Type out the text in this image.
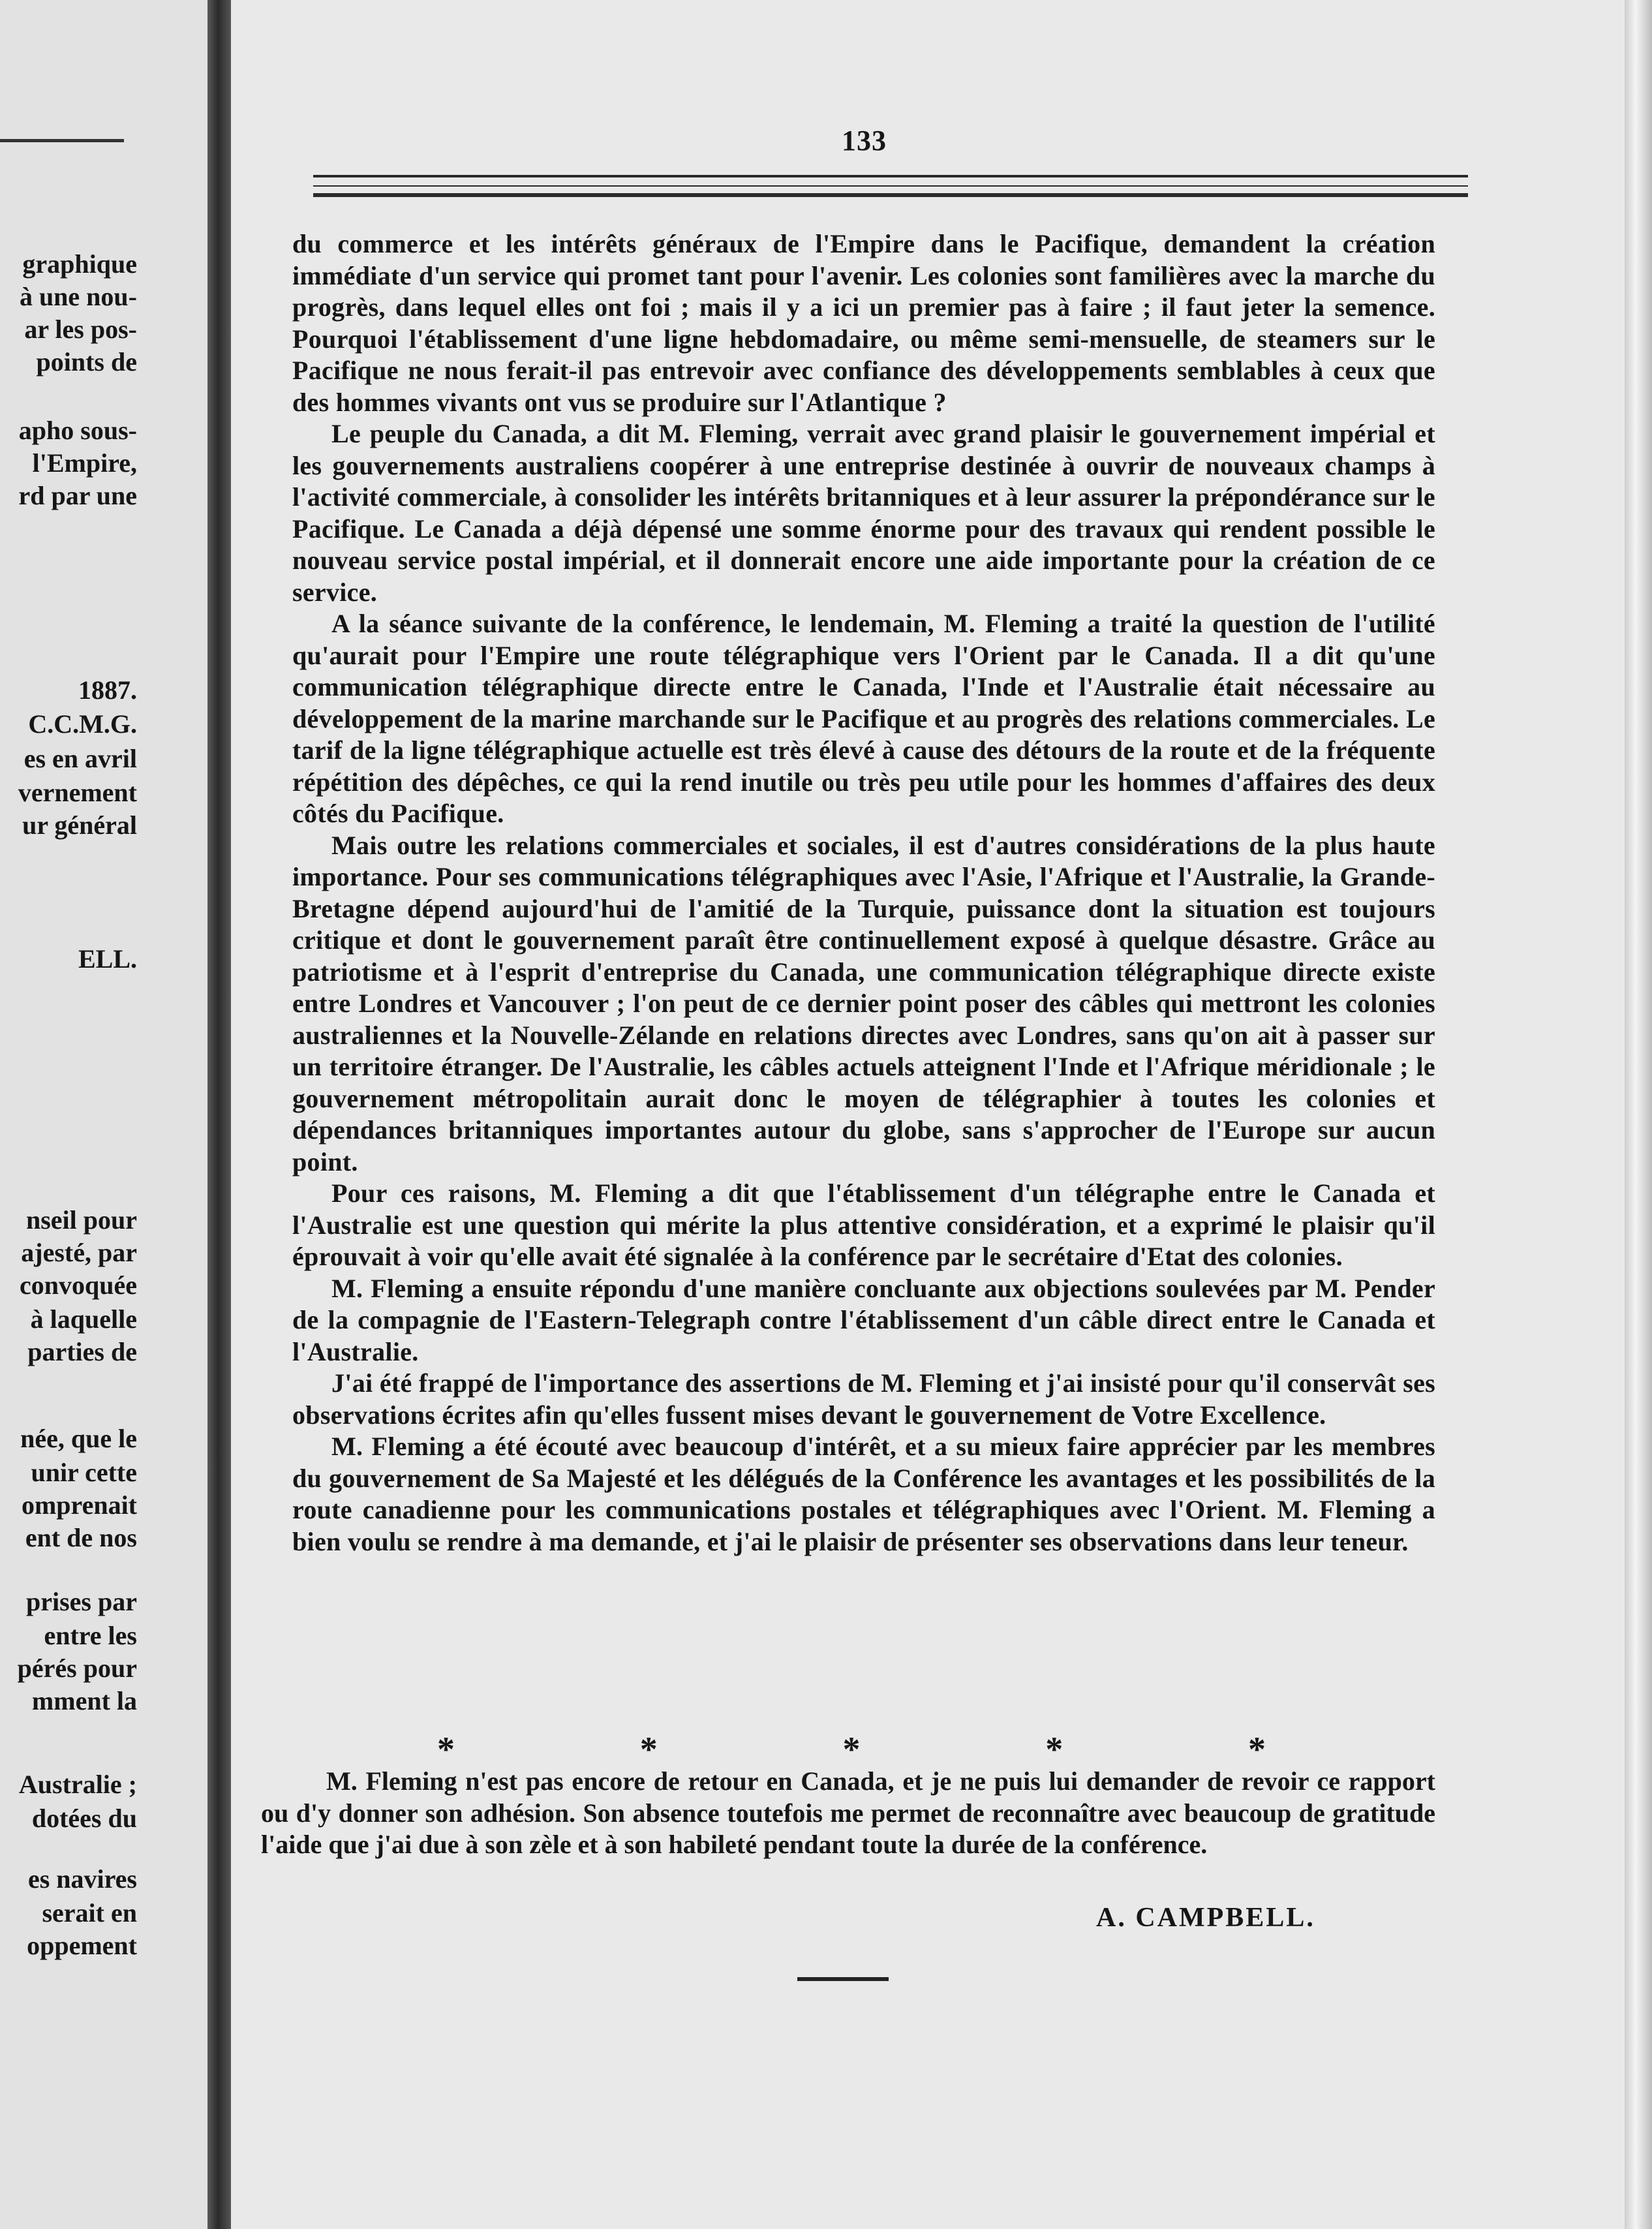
graphique
à une nou-
ar les pos-
points de
apho sous-
l'Empire,
rd par une
1887.
C.C.M.G.
es en avril
vernement
ur général
ELL.
nseil pour
ajesté, par
convoquée
à laquelle
parties de
née, que le
unir cette
omprenait
ent de nos
prises par
entre les
pérés pour
mment la
Australie ;
dotées du
es navires
serait en
oppement
133

du commerce et les intérêts généraux de l'Empire dans le Pacifique, demandent la création immédiate d'un service qui promet tant pour l'avenir. Les colonies sont familières avec la marche du progrès, dans lequel elles ont foi ; mais il y a ici un premier pas à faire ; il faut jeter la semence. Pourquoi l'établissement d'une ligne hebdomadaire, ou même semi-mensuelle, de steamers sur le Pacifique ne nous ferait-il pas entrevoir avec confiance des développements semblables à ceux que des hommes vivants ont vus se produire sur l'Atlantique ?

Le peuple du Canada, a dit M. Fleming, verrait avec grand plaisir le gouvernement impérial et les gouvernements australiens coopérer à une entreprise destinée à ouvrir de nouveaux champs à l'activité commerciale, à consolider les intérêts britanniques et à leur assurer la prépondérance sur le Pacifique. Le Canada a déjà dépensé une somme énorme pour des travaux qui rendent possible le nouveau service postal impérial, et il donnerait encore une aide importante pour la création de ce service.

A la séance suivante de la conférence, le lendemain, M. Fleming a traité la question de l'utilité qu'aurait pour l'Empire une route télégraphique vers l'Orient par le Canada. Il a dit qu'une communication télégraphique directe entre le Canada, l'Inde et l'Australie était nécessaire au développement de la marine marchande sur le Pacifique et au progrès des relations commerciales. Le tarif de la ligne télégraphique actuelle est très élevé à cause des détours de la route et de la fréquente répétition des dépêches, ce qui la rend inutile ou très peu utile pour les hommes d'affaires des deux côtés du Pacifique.

Mais outre les relations commerciales et sociales, il est d'autres considérations de la plus haute importance. Pour ses communications télégraphiques avec l'Asie, l'Afrique et l'Australie, la Grande-Bretagne dépend aujourd'hui de l'amitié de la Turquie, puissance dont la situation est toujours critique et dont le gouvernement paraît être continuellement exposé à quelque désastre. Grâce au patriotisme et à l'esprit d'entreprise du Canada, une communication télégraphique directe existe entre Londres et Vancouver ; l'on peut de ce dernier point poser des câbles qui mettront les colonies australiennes et la Nouvelle-Zélande en relations directes avec Londres, sans qu'on ait à passer sur un territoire étranger. De l'Australie, les câbles actuels atteignent l'Inde et l'Afrique méridionale ; le gouvernement métropolitain aurait donc le moyen de télégraphier à toutes les colonies et dépendances britanniques importantes autour du globe, sans s'approcher de l'Europe sur aucun point.

Pour ces raisons, M. Fleming a dit que l'établissement d'un télégraphe entre le Canada et l'Australie est une question qui mérite la plus attentive considération, et a exprimé le plaisir qu'il éprouvait à voir qu'elle avait été signalée à la conférence par le secrétaire d'Etat des colonies.

M. Fleming a ensuite répondu d'une manière concluante aux objections soulevées par M. Pender de la compagnie de l'Eastern-Telegraph contre l'établissement d'un câble direct entre le Canada et l'Australie.

J'ai été frappé de l'importance des assertions de M. Fleming et j'ai insisté pour qu'il conservât ses observations écrites afin qu'elles fussent mises devant le gouvernement de Votre Excellence.

M. Fleming a été écouté avec beaucoup d'intérêt, et a su mieux faire apprécier par les membres du gouvernement de Sa Majesté et les délégués de la Conférence les avantages et les possibilités de la route canadienne pour les communications postales et télégraphiques avec l'Orient. M. Fleming a bien voulu se rendre à ma demande, et j'ai le plaisir de présenter ses observations dans leur teneur.

*	*	*	*	*

M. Fleming n'est pas encore de retour en Canada, et je ne puis lui demander de revoir ce rapport ou d'y donner son adhésion. Son absence toutefois me permet de reconnaître avec beaucoup de gratitude l'aide que j'ai due à son zèle et à son habileté pendant toute la durée de la conférence.

A. CAMPBELL.
